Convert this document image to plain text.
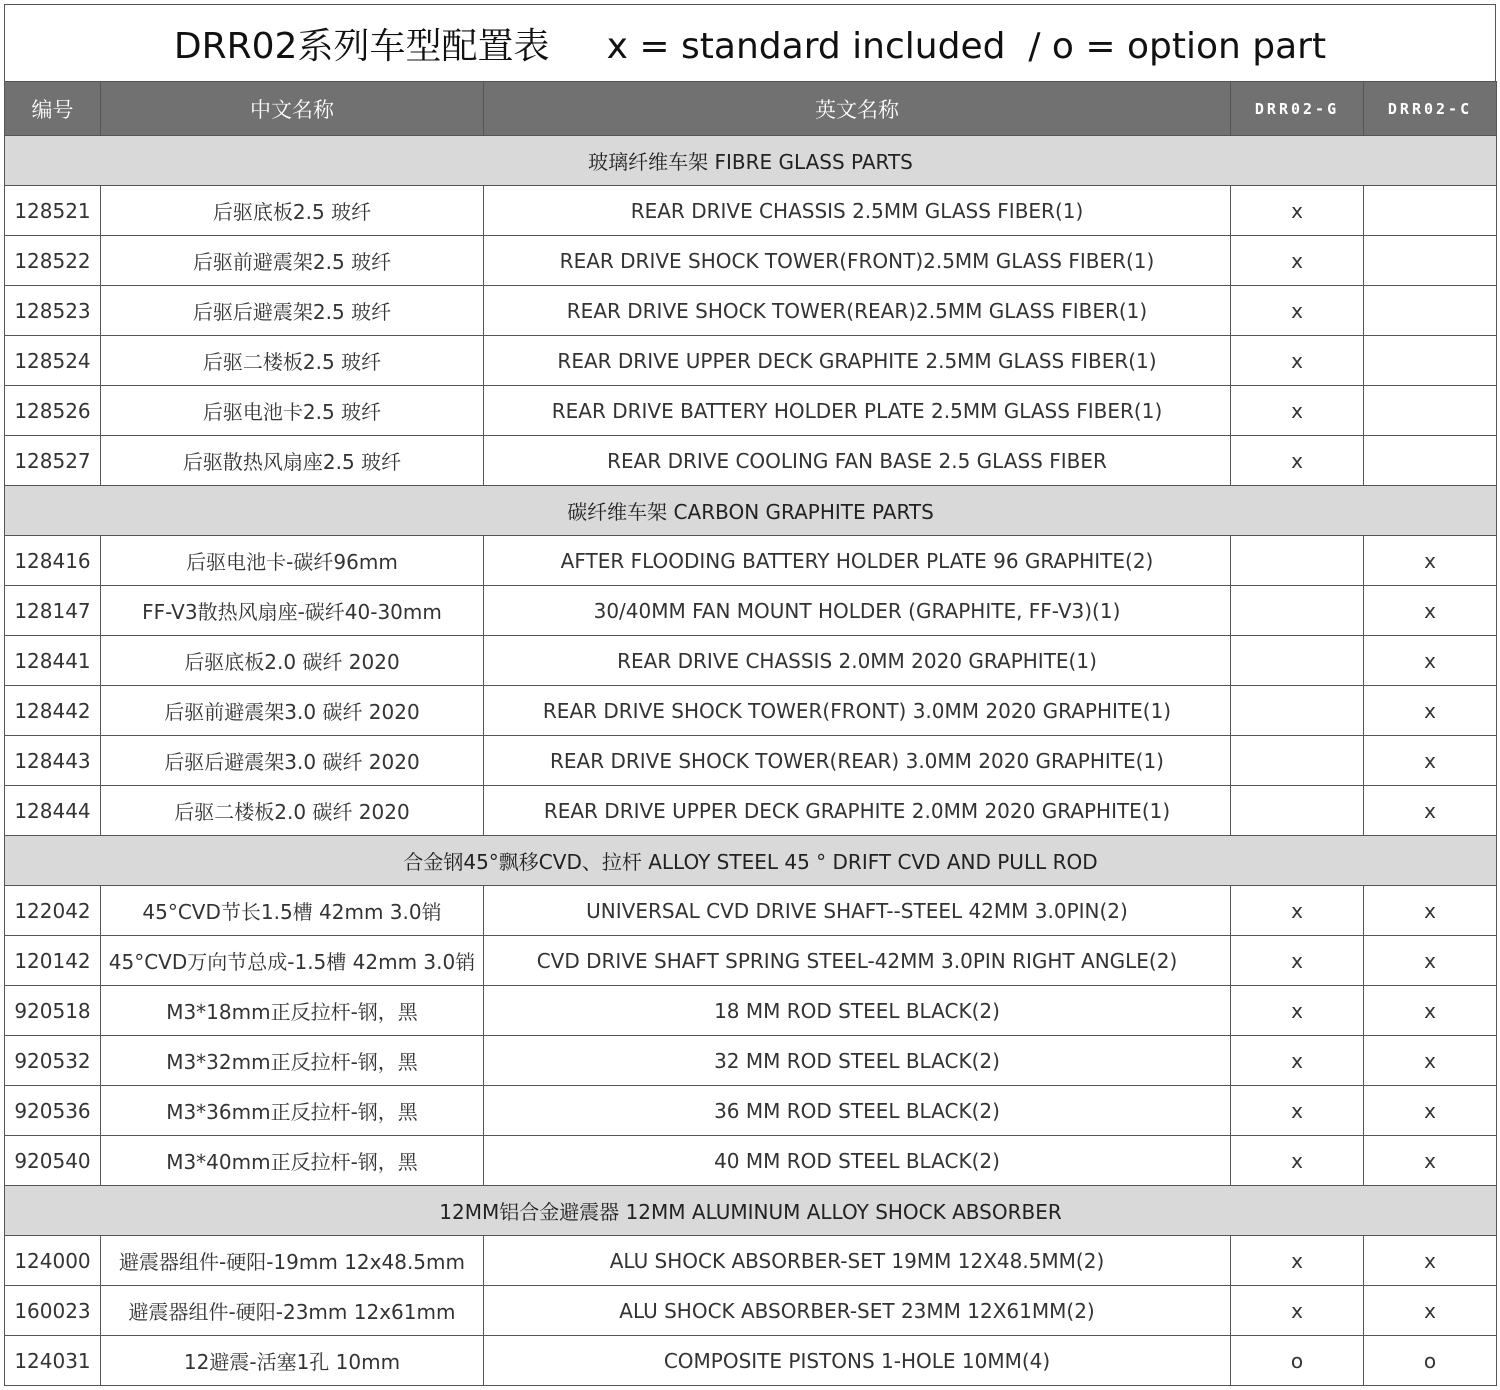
DRR02系列车型配置表     x = standard included  / o = option part
编号	中文名称	英文名称	DRR02-G	DRR02-C
玻璃纤维车架 FIBRE GLASS PARTS				
128521	后驱底板2.5 玻纤	REAR DRIVE CHASSIS 2.5MM GLASS FIBER(1)	x	
128522	后驱前避震架2.5 玻纤	REAR DRIVE SHOCK TOWER(FRONT)2.5MM GLASS FIBER(1)	x	
128523	后驱后避震架2.5 玻纤	REAR DRIVE SHOCK TOWER(REAR)2.5MM GLASS FIBER(1)	x	
128524	后驱二楼板2.5 玻纤	REAR DRIVE UPPER DECK GRAPHITE 2.5MM GLASS FIBER(1)	x	
128526	后驱电池卡2.5 玻纤	REAR DRIVE BATTERY HOLDER PLATE 2.5MM GLASS FIBER(1)	x	
128527	后驱散热风扇座2.5 玻纤	REAR DRIVE COOLING FAN BASE 2.5 GLASS FIBER	x	
碳纤维车架 CARBON GRAPHITE PARTS				
128416	后驱电池卡-碳纤96mm	AFTER FLOODING BATTERY HOLDER PLATE 96 GRAPHITE(2)		x
128147	FF-V3散热风扇座-碳纤40-30mm	30/40MM FAN MOUNT HOLDER (GRAPHITE, FF-V3)(1)		x
128441	后驱底板2.0 碳纤 2020	REAR DRIVE CHASSIS 2.0MM 2020 GRAPHITE(1)		x
128442	后驱前避震架3.0 碳纤 2020	REAR DRIVE SHOCK TOWER(FRONT) 3.0MM 2020 GRAPHITE(1)		x
128443	后驱后避震架3.0 碳纤 2020	REAR DRIVE SHOCK TOWER(REAR) 3.0MM 2020 GRAPHITE(1)		x
128444	后驱二楼板2.0 碳纤 2020	REAR DRIVE UPPER DECK GRAPHITE 2.0MM 2020 GRAPHITE(1)		x
合金钢45°飘移CVD、拉杆 ALLOY STEEL 45 ° DRIFT CVD AND PULL ROD				
122042	45°CVD节长1.5槽 42mm 3.0销	UNIVERSAL CVD DRIVE SHAFT--STEEL 42MM 3.0PIN(2)	x	x
120142	45°CVD万向节总成-1.5槽 42mm 3.0销	CVD DRIVE SHAFT SPRING STEEL-42MM 3.0PIN RIGHT ANGLE(2)	x	x
920518	M3*18mm正反拉杆-钢，黑	18 MM ROD STEEL BLACK(2)	x	x
920532	M3*32mm正反拉杆-钢，黑	32 MM ROD STEEL BLACK(2)	x	x
920536	M3*36mm正反拉杆-钢，黑	36 MM ROD STEEL BLACK(2)	x	x
920540	M3*40mm正反拉杆-钢，黑	40 MM ROD STEEL BLACK(2)	x	x
12MM铝合金避震器 12MM ALUMINUM ALLOY SHOCK ABSORBER				
124000	避震器组件-硬阳-19mm 12x48.5mm	ALU SHOCK ABSORBER-SET 19MM 12X48.5MM(2)	x	x
160023	避震器组件-硬阳-23mm 12x61mm	ALU SHOCK ABSORBER-SET 23MM 12X61MM(2)	x	x
124031	12避震-活塞1孔 10mm	COMPOSITE PISTONS 1-HOLE 10MM(4)	o	o
